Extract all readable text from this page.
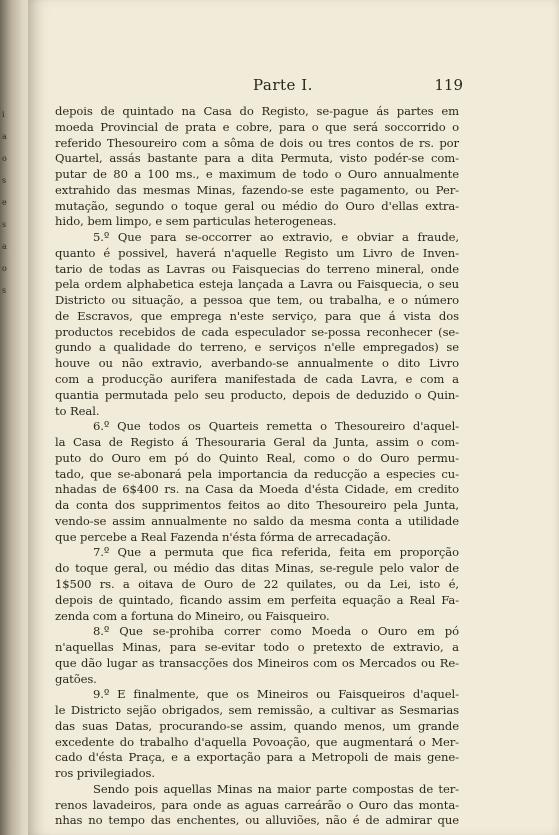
i
a
o
s
e
s
a
o
s
Parte I.	119
depois de quintado na Casa do Registo, se-pague ás partes em
moeda Provincial de prata e cobre, para o que será soccorrido o
referido Thesoureiro com a sôma de dois ou tres contos de rs. por
Quartel, assás bastante para a dita Permuta, visto podér-se com-
putar de 80 a 100 ms., e maximum de todo o Ouro annualmente
extrahido das mesmas Minas, fazendo-se este pagamento, ou Per-
mutação, segundo o toque geral ou médio do Ouro d'ellas extra-
hido, bem limpo, e sem particulas heterogeneas.
5.º Que para se-occorrer ao extravio, e obviar a fraude,
quanto é possivel, haverá n'aquelle Registo um Livro de Inven-
tario de todas as Lavras ou Faisquecias do terreno mineral, onde
pela ordem alphabetica esteja lançada a Lavra ou Faisquecia, o seu
Districto ou situação, a pessoa que tem, ou trabalha, e o número
de Escravos, que emprega n'este serviço, para que á vista dos
productos recebidos de cada especulador se-possa reconhecer (se-
gundo a qualidade do terreno, e serviços n'elle empregados) se
houve ou não extravio, averbando-se annualmente o dito Livro
com a producção aurifera manifestada de cada Lavra, e com a
quantia permutada pelo seu producto, depois de deduzido o Quin-
to Real.
6.º Que todos os Quarteis remetta o Thesoureiro d'aquel-
la Casa de Registo á Thesouraria Geral da Junta, assim o com-
puto do Ouro em pó do Quinto Real, como o do Ouro permu-
tado, que se-abonará pela importancia da reducção a especies cu-
nhadas de 6$400 rs. na Casa da Moeda d'ésta Cidade, em credito
da conta dos supprimentos feitos ao dito Thesoureiro pela Junta,
vendo-se assim annualmente no saldo da mesma conta a utilidade
que percebe a Real Fazenda n'ésta fórma de arrecadação.
7.º Que a permuta que fica referida, feita em proporção
do toque geral, ou médio das ditas Minas, se-regule pelo valor de
1$500 rs. a oitava de Ouro de 22 quilates, ou da Lei, isto é,
depois de quintado, ficando assim em perfeita equação a Real Fa-
zenda com a fortuna do Mineiro, ou Faisqueiro.
8.º Que se-prohiba correr como Moeda o Ouro em pó
n'aquellas Minas, para se-evitar todo o pretexto de extravio, a
que dão lugar as transacções dos Mineiros com os Mercados ou Re-
gatões.
9.º E finalmente, que os Mineiros ou Faisqueiros d'aquel-
le Districto sejão obrigados, sem remissão, a cultivar as Sesmarias
das suas Datas, procurando-se assim, quando menos, um grande
excedente do trabalho d'aquella Povoação, que augmentará o Mer-
cado d'ésta Praça, e a exportação para a Metropoli de mais gene-
ros privilegiados.
Sendo pois aquellas Minas na maior parte compostas de ter-
renos lavadeiros, para onde as aguas carreárão o Ouro das monta-
nhas no tempo das enchentes, ou alluviões, não é de admirar que
